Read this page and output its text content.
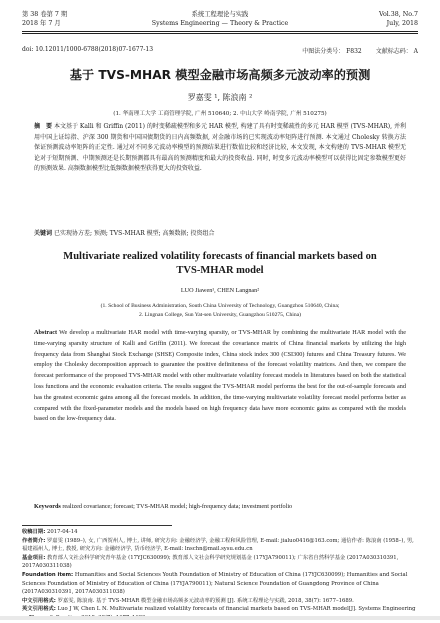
第 38 卷第 7 期	系统工程理论与实践	Vol.38, No.7
2018 年 7 月	Systems Engineering — Theory & Practice	July, 2018
doi: 10.12011/1000-6788(2018)07-1677-13	中图法分类号： F832 文献标志码： A
基于 TVS-MHAR 模型金融市场高频多元波动率的预测
罗嘉雯 ¹, 陈浪南 ²
(1. 华南理工大学 工商管理学院, 广州 510640; 2. 中山大学 岭南学院, 广州 510275)
摘　要 本文基于 Kalli 和 Griffin (2011) 的时变稀疏模型和多元 HAR 模型, 构建了具有时变稀疏性的多元 HAR 模型 (TVS-MHAR), 并利用中国上证综指、沪深 300 期货和中国国债期货的日内高频数据, 对金融市场的已实现波动率矩阵进行预测. 本文通过 Cholesky 转换方法保证预测波动率矩阵的正定性. 通过对不同多元波动率模型的预测结果进行数值比较和经济比较, 本文发现, 本文构建的 TVS-MHAR 模型无论对于短期预测、中期预测还是长期预测都具有最高的预测精度和最大的投资收益. 同时, 时变多元波动率模型可以获得比固定参数模型更好的预测效果. 高频数据模型比低频数据模型获得更大的投资收益.
关键词 已实现协方差; 预测; TVS-MHAR 模型; 高频数据; 投资组合
Multivariate realized volatility forecasts of financial markets based on TVS-MHAR model
LUO Jiawen¹, CHEN Langnan²
(1. School of Business Administration, South China University of Technology, Guangzhou 510640, China;
2. Lingnan College, Sun Yat-sen University, Guangzhou 510275, China)
Abstract We develop a multivariate HAR model with time-varying sparsity, or TVS-MHAR by combining the multivariate HAR model with the time-varying sparsity structure of Kalli and Griffin (2011). We forecast the covariance matrix of China financial markets by utilizing the high frequency data from Shanghai Stock Exchange (SHSE) Composite index, China stock index 300 (CSI300) futures and China Treasury futures. We employ the Cholesky decomposition approach to guarantee the positive definiteness of the forecast volatility matrices. And then, we compare the forecast performance of the proposed TVS-MHAR model with other multivariate volatility forecast models in literatures based on both the statistical loss functions and the economic evaluation criteria. The results suggest the TVS-MHAR model performs the best for the out-of-sample forecasts and has the greatest economic gains among all the forecast models. In addition, the time-varying multivariate volatility forecast model performs better as compared with the fixed-parameter models and the models based on high frequency data have more economic gains as compared with the models based on the low-frequency data.
Keywords realized covariance; forecast; TVS-MHAR model; high-frequency data; investment portfolio
收稿日期: 2017-04-14
作者简介: 罗嘉雯 (1989–), 女, 广西贺州人, 博士, 讲师, 研究方向: 金融经济学, 金融工程和风险管理, E-mail: jialuo0416@163.com; 通信作者: 陈浪南 (1958–), 男, 福建福州人, 博士, 教授, 研究方向: 金融经济学, 货币经济学, E-mail: lnschn@mail.sysu.edu.cn
基金项目: 教育部人文社会科学研究青年基金 (17YJC630099); 教育部人文社会科学研究规划基金 (17YJA790011); 广东省自然科学基金 (2017A030310391, 2017A030311038)
Foundation item: Humanities and Social Sciences Youth Foundation of Ministry of Education of China (17YJC630099); Humanities and Social Sciences Foundation of Ministry of Education of China (17YJA790011); Natural Science Foundation of Guangdong Province of China (2017A030310391, 2017A030311038)
中文引用格式: 罗嘉雯, 陈浪南. 基于 TVS-MHAR 模型金融市场高频多元波动率的预测 [J]. 系统工程理论与实践, 2018, 38(7): 1677–1689.
英文引用格式: Luo J W, Chen L N. Multivariate realized volatility forecasts of financial markets based on TVS-MHAR model[J]. Systems Engineering
